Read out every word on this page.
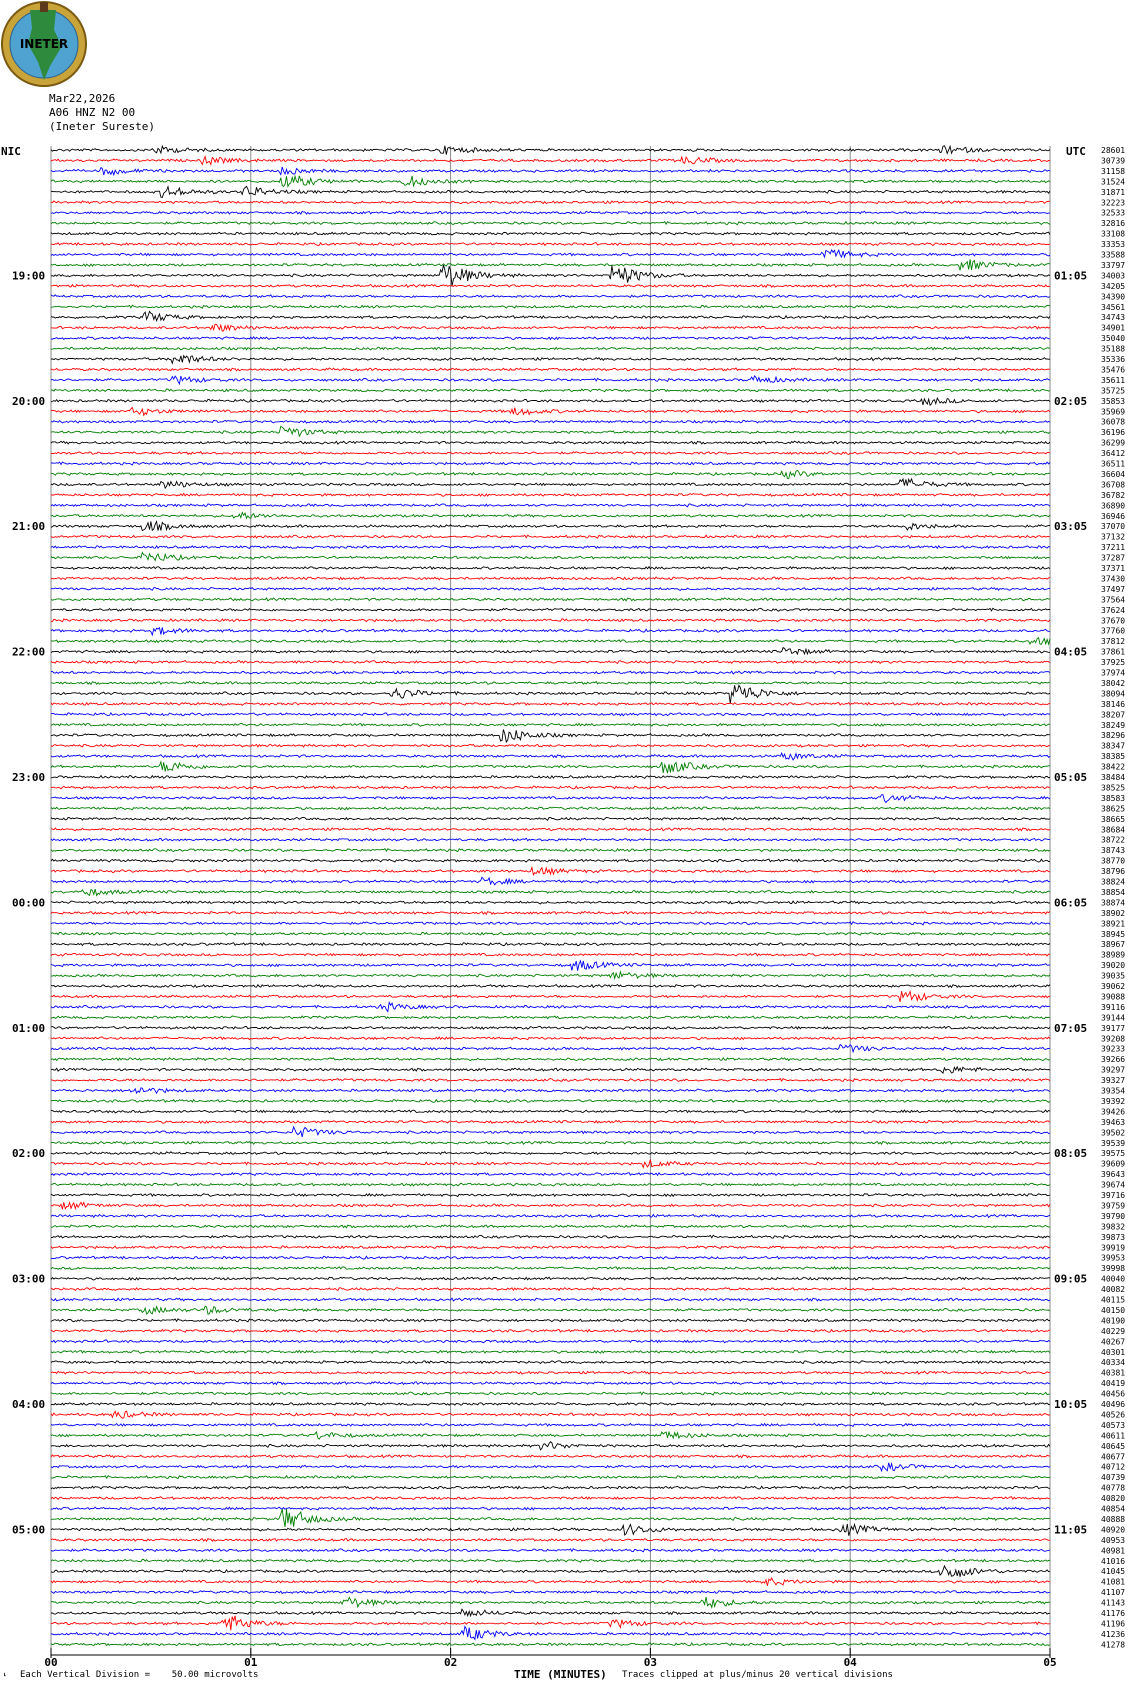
INETER
Mar22,2026
A06 HNZ N2 00
(Ineter Sureste)
NIC	UTC
19:00
20:00
21:00
22:00
23:00
00:00
01:00
02:00
03:00
04:00
05:00
01:05
02:05
03:05
04:05
05:05
06:05
07:05
08:05
09:05
10:05
11:05
28601
30739
31158
31524
31871
32223
32533
32816
33108
33353
33588
33797
34003
34205
34390
34561
34743
34901
35040
35188
35336
35476
35611
35725
35853
35969
36078
36196
36299
36412
36511
36604
36708
36782
36890
36946
37070
37132
37211
37287
37371
37430
37497
37564
37624
37670
37760
37812
37861
37925
37974
38042
38094
38146
38207
38249
38296
38347
38385
38422
38484
38525
38583
38625
38665
38684
38722
38743
38770
38796
38824
38854
38874
38902
38921
38945
38967
38989
39020
39035
39062
39088
39116
39144
39177
39208
39233
39266
39297
39327
39354
39392
39426
39463
39502
39539
39575
39609
39643
39674
39716
39759
39790
39832
39873
39919
39953
39998
40040
40082
40115
40150
40190
40229
40267
40301
40334
40381
40419
40456
40496
40526
40573
40611
40645
40677
40712
40739
40778
40820
40854
40888
40920
40953
40981
41016
41045
41081
41107
41143
41176
41196
41236
41278
00	01	02	03	04	05
⸤ Each Vertical Division =    50.00 microvolts	TIME (MINUTES) Traces clipped at plus/minus 20 vertical divisions
